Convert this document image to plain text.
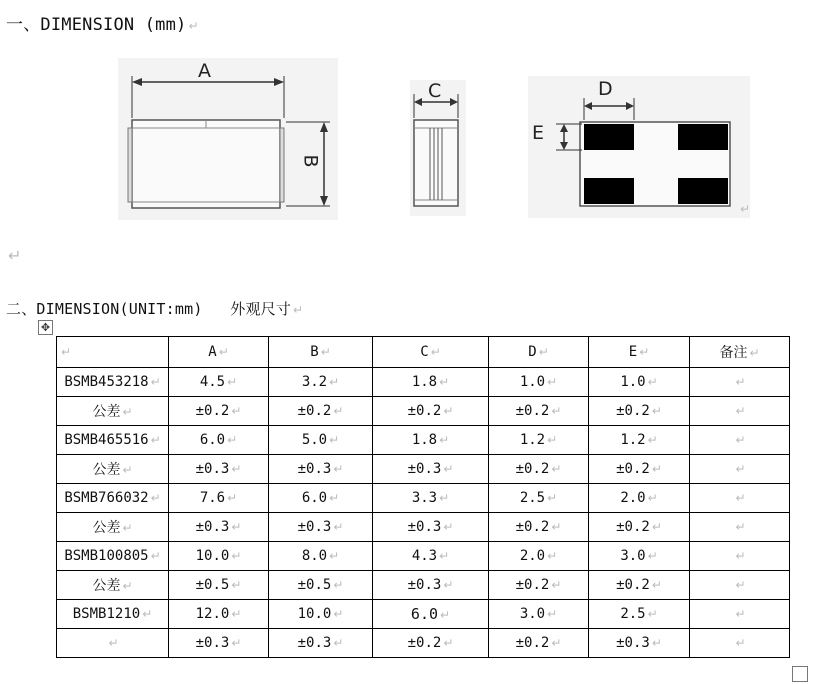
一、DIMENSION (mm) ↵
A
B
C	D
E
↵
↵
二、DIMENSION(UNIT:mm)   外观尺寸 ↵
✥
↵	A ↵	B ↵	C ↵	D ↵	E ↵	备注 ↵
BSMB453218 ↵	4.5 ↵	3.2 ↵	1.8 ↵	1.0 ↵	1.0 ↵	↵
公差 ↵	±0.2 ↵	±0.2 ↵	±0.2 ↵	±0.2 ↵	±0.2 ↵	↵
BSMB465516 ↵	6.0 ↵	5.0 ↵	1.8 ↵	1.2 ↵	1.2 ↵	↵
公差 ↵	±0.3 ↵	±0.3 ↵	±0.3 ↵	±0.2 ↵	±0.2 ↵	↵
BSMB766032 ↵	7.6 ↵	6.0 ↵	3.3 ↵	2.5 ↵	2.0 ↵	↵
公差 ↵	±0.3 ↵	±0.3 ↵	±0.3 ↵	±0.2 ↵	±0.2 ↵	↵
BSMB100805 ↵	10.0 ↵	8.0 ↵	4.3 ↵	2.0 ↵	3.0 ↵	↵
公差 ↵	±0.5 ↵	±0.5 ↵	±0.3 ↵	±0.2 ↵	±0.2 ↵	↵
BSMB1210 ↵	12.0 ↵	10.0 ↵	6.0 ↵	3.0 ↵	2.5 ↵	↵
↵	±0.3 ↵	±0.3 ↵	±0.2 ↵	±0.2 ↵	±0.3 ↵	↵
